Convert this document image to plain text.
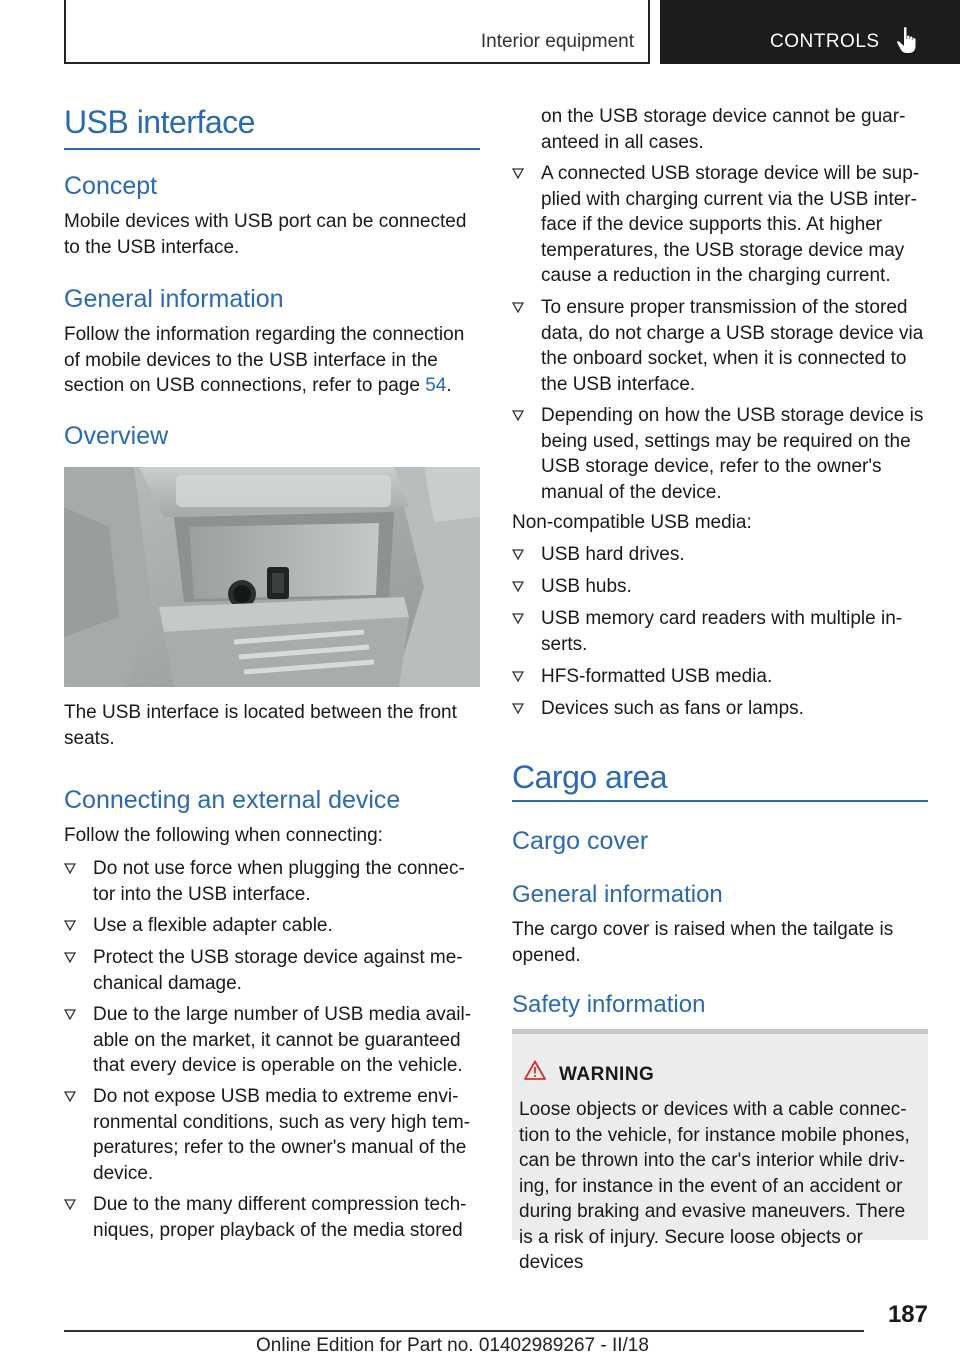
Interior equipment	CONTROLS
USB interface
Concept
Mobile devices with USB port can be connected to the USB interface.
General information
Follow the information regarding the connection of mobile devices to the USB interface in the section on USB connections, refer to page 54.
Overview
The USB interface is located between the front seats.
Connecting an external device
Follow the following when connecting:
Do not use force when plugging the connec-tor into the USB interface.
Use a flexible adapter cable.
Protect the USB storage device against me-chanical damage.
Due to the large number of USB media avail-able on the market, it cannot be guaranteed that every device is operable on the vehicle.
Do not expose USB media to extreme envi-ronmental conditions, such as very high tem-peratures; refer to the owner's manual of the device.
Due to the many different compression tech-niques, proper playback of the media stored
on the USB storage device cannot be guar-anteed in all cases.
A connected USB storage device will be sup-plied with charging current via the USB inter-face if the device supports this. At higher temperatures, the USB storage device may cause a reduction in the charging current.
To ensure proper transmission of the stored data, do not charge a USB storage device via the onboard socket, when it is connected to the USB interface.
Depending on how the USB storage device is being used, settings may be required on the USB storage device, refer to the owner's manual of the device.
Non-compatible USB media:
USB hard drives.
USB hubs.
USB memory card readers with multiple in-serts.
HFS-formatted USB media.
Devices such as fans or lamps.
Cargo area
Cargo cover
General information
The cargo cover is raised when the tailgate is opened.
Safety information
WARNING
Loose objects or devices with a cable connec-tion to the vehicle, for instance mobile phones, can be thrown into the car's interior while driv-ing, for instance in the event of an accident or during braking and evasive maneuvers. There is a risk of injury. Secure loose objects or devices
187
Online Edition for Part no. 01402989267 - II/18
